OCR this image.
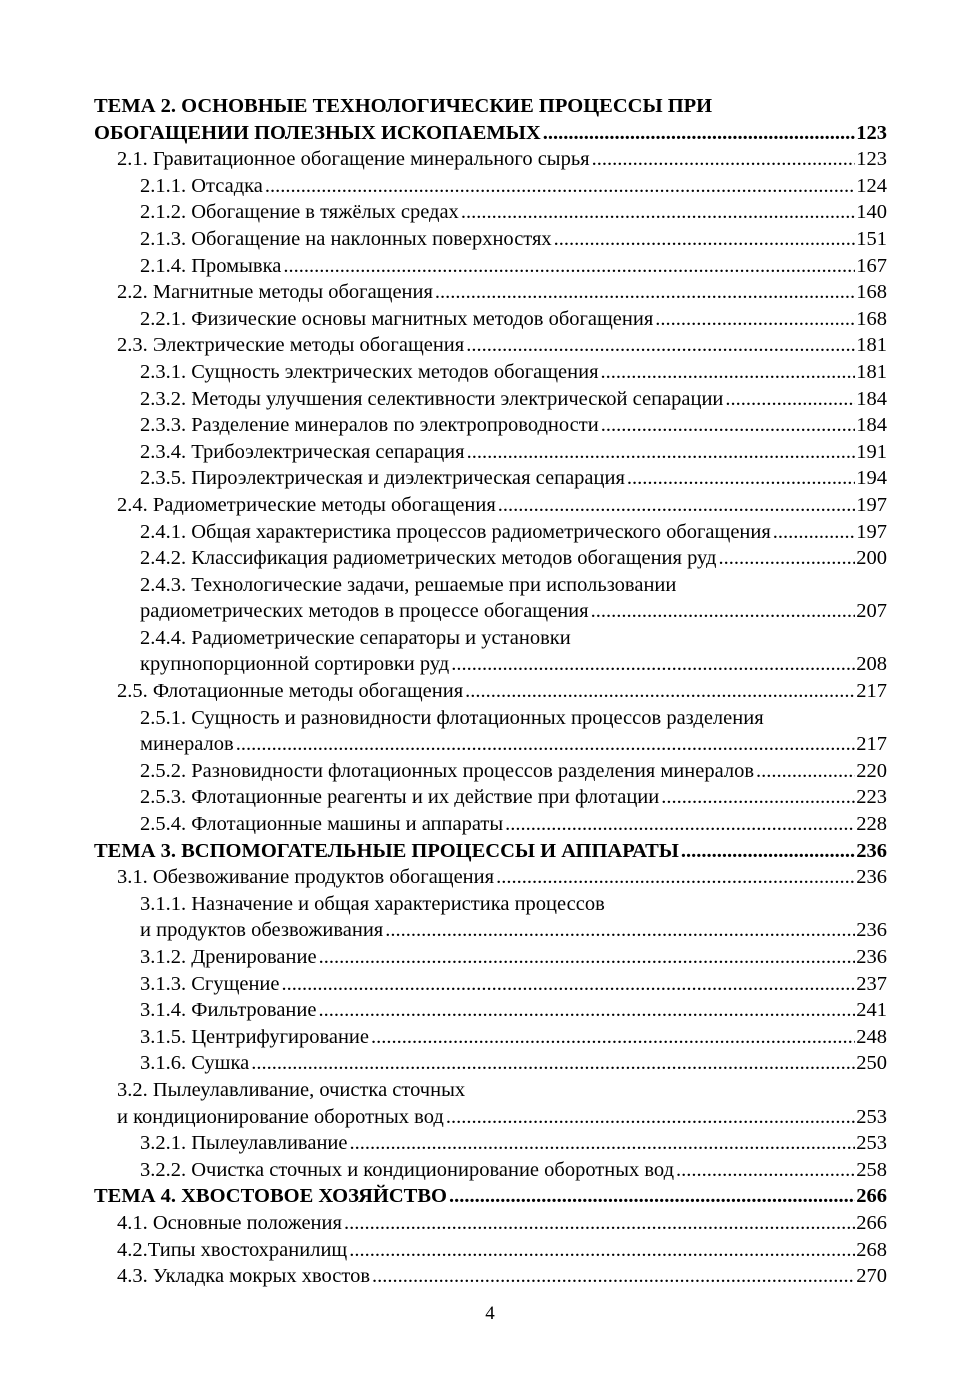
ТЕМА 2. ОСНОВНЫЕ ТЕХНОЛОГИЧЕСКИЕ ПРОЦЕССЫ ПРИ
ОБОГАЩЕНИИ ПОЛЕЗНЫХ ИСКОПАЕМЫХ .....	123
2.1. Гравитационное обогащение минерального сырья .....	123
2.1.1. Отсадка .....	124
2.1.2. Обогащение в тяжёлых средах .....	140
2.1.3. Обогащение на наклонных поверхностях .....	151
2.1.4. Промывка .....	167
2.2. Магнитные методы обогащения .....	168
2.2.1. Физические основы магнитных методов обогащения .....	168
2.3. Электрические методы обогащения .....	181
2.3.1. Сущность электрических методов обогащения .....	181
2.3.2. Методы улучшения селективности электрической сепарации .....	184
2.3.3. Разделение минералов по электропроводности .....	184
2.3.4. Трибоэлектрическая сепарация .....	191
2.3.5. Пироэлектрическая и диэлектрическая сепарация .....	194
2.4. Радиометрические методы обогащения .....	197
2.4.1. Общая характеристика процессов радиометрического обогащения .....	197
2.4.2. Классификация радиометрических методов обогащения руд .....	200
2.4.3. Технологические задачи, решаемые при использовании
радиометрических методов в процессе обогащения .....	207
2.4.4. Радиометрические сепараторы и установки
крупнопорционной сортировки руд .....	208
2.5. Флотационные методы обогащения .....	217
2.5.1. Сущность и разновидности флотационных процессов разделения
минералов .....	217
2.5.2. Разновидности флотационных процессов разделения минералов .....	220
2.5.3. Флотационные реагенты и их действие при флотации .....	223
2.5.4. Флотационные машины и аппараты .....	228
ТЕМА 3. ВСПОМОГАТЕЛЬНЫЕ ПРОЦЕССЫ И АППАРАТЫ .....	236
3.1. Обезвоживание продуктов обогащения .....	236
3.1.1. Назначение и общая характеристика процессов
и продуктов обезвоживания .....	236
3.1.2. Дренирование .....	236
3.1.3. Сгущение .....	237
3.1.4. Фильтрование .....	241
3.1.5. Центрифугирование .....	248
3.1.6. Сушка .....	250
3.2. Пылеулавливание, очистка сточных
и кондиционирование оборотных вод .....	253
3.2.1. Пылеулавливание .....	253
3.2.2. Очистка сточных и кондиционирование оборотных вод .....	258
ТЕМА 4. ХВОСТОВОЕ ХОЗЯЙСТВО .....	266
4.1. Основные положения .....	266
4.2.Типы хвостохранилищ .....	268
4.3. Укладка мокрых хвостов .....	270
4
